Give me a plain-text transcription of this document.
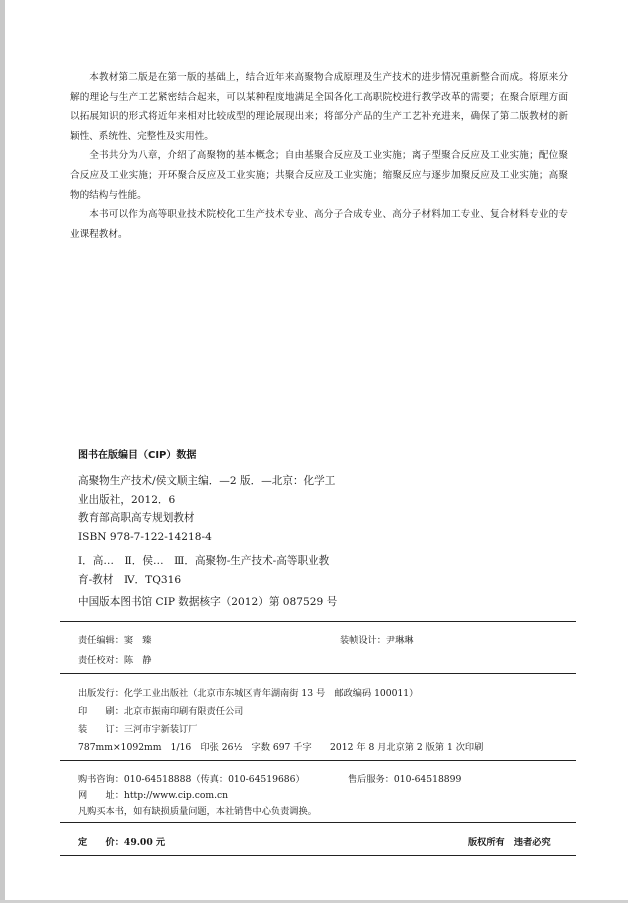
本教材第二版是在第一版的基础上，结合近年来高聚物合成原理及生产技术的进步情况重新整合而成。将原来分解的理论与生产工艺紧密结合起来，可以某种程度地满足全国各化工高职院校进行教学改革的需要；在聚合原理方面以拓展知识的形式将近年来相对比较成型的理论展现出来；将部分产品的生产工艺补充进来，确保了第二版教材的新颖性、系统性、完整性及实用性。

全书共分为八章，介绍了高聚物的基本概念；自由基聚合反应及工业实施；离子型聚合反应及工业实施；配位聚合反应及工业实施；开环聚合反应及工业实施；共聚合反应及工业实施；缩聚反应与逐步加聚反应及工业实施；高聚物的结构与性能。

本书可以作为高等职业技术院校化工生产技术专业、高分子合成专业、高分子材料加工专业、复合材料专业的专业课程教材。

图书在版编目（CIP）数据
高聚物生产技术/侯文顺主编．—2 版．—北京：化学工
业出版社，2012．6
教育部高职高专规划教材
ISBN 978-7-122-14218-4
Ⅰ．高…　Ⅱ．侯…　Ⅲ．高聚物-生产技术-高等职业教
育-教材　Ⅳ．TQ316
中国版本图书馆 CIP 数据核字（2012）第 087529 号
责任编辑：窦　臻	装帧设计：尹琳琳
责任校对：陈　静
出版发行：化学工业出版社（北京市东城区青年湖南街 13 号　邮政编码 100011）
印　　刷：北京市振南印刷有限责任公司
装　　订：三河市宇新装订厂
787mm×1092mm　1/16　印张 26½　字数 697 千字　　2012 年 8 月北京第 2 版第 1 次印刷
购书咨询：010-64518888（传真：010-64519686）	售后服务：010-64518899
网　　址：http://www.cip.com.cn
凡购买本书，如有缺损质量问题，本社销售中心负责调换。
定　　价：49.00 元	版权所有　违者必究
